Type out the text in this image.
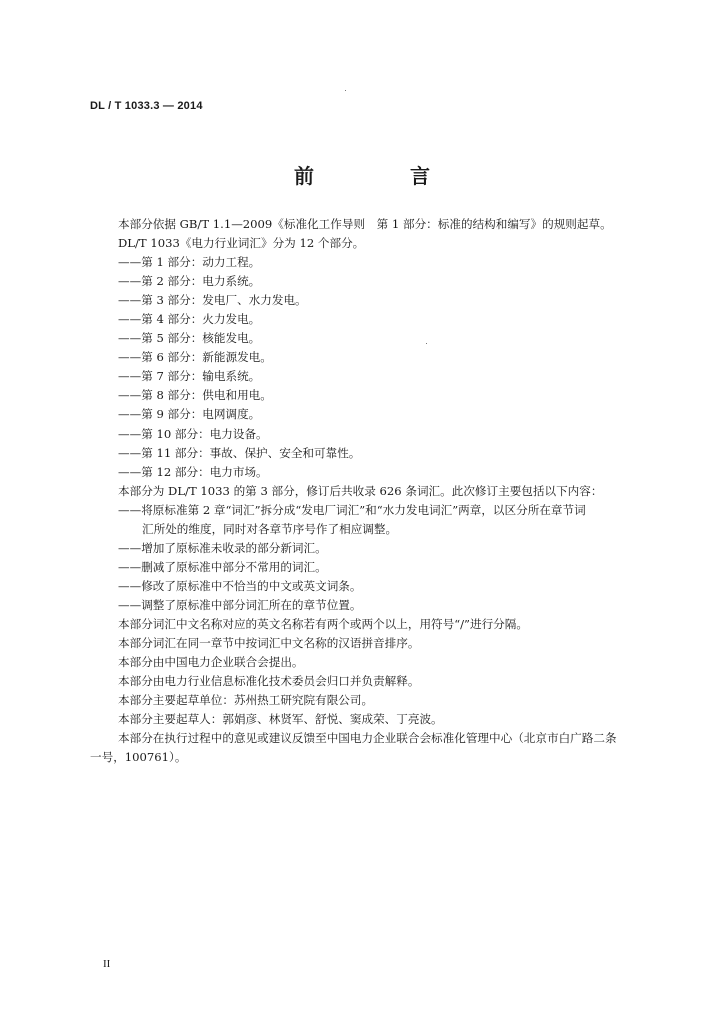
DL / T 1033.3 — 2014
前　言
本部分依据 GB/T 1.1—2009《标准化工作导则　第 1 部分：标准的结构和编写》的规则起草。
DL/T 1033《电力行业词汇》分为 12 个部分。
——第 1 部分：动力工程。
——第 2 部分：电力系统。
——第 3 部分：发电厂、水力发电。
——第 4 部分：火力发电。
——第 5 部分：核能发电。
——第 6 部分：新能源发电。
——第 7 部分：输电系统。
——第 8 部分：供电和用电。
——第 9 部分：电网调度。
——第 10 部分：电力设备。
——第 11 部分：事故、保护、安全和可靠性。
——第 12 部分：电力市场。
本部分为 DL/T 1033 的第 3 部分，修订后共收录 626 条词汇。此次修订主要包括以下内容：
——将原标准第 2 章“词汇”拆分成“发电厂词汇”和“水力发电词汇”两章，以区分所在章节词
汇所处的维度，同时对各章节序号作了相应调整。
——增加了原标准未收录的部分新词汇。
——删减了原标准中部分不常用的词汇。
——修改了原标准中不恰当的中文或英文词条。
——调整了原标准中部分词汇所在的章节位置。
本部分词汇中文名称对应的英文名称若有两个或两个以上，用符号“/”进行分隔。
本部分词汇在同一章节中按词汇中文名称的汉语拼音排序。
本部分由中国电力企业联合会提出。
本部分由电力行业信息标准化技术委员会归口并负责解释。
本部分主要起草单位：苏州热工研究院有限公司。
本部分主要起草人：郭娟彦、林贤军、舒悦、窦成荣、丁亮波。
本部分在执行过程中的意见或建议反馈至中国电力企业联合会标准化管理中心（北京市白广路二条
一号，100761）。
II
